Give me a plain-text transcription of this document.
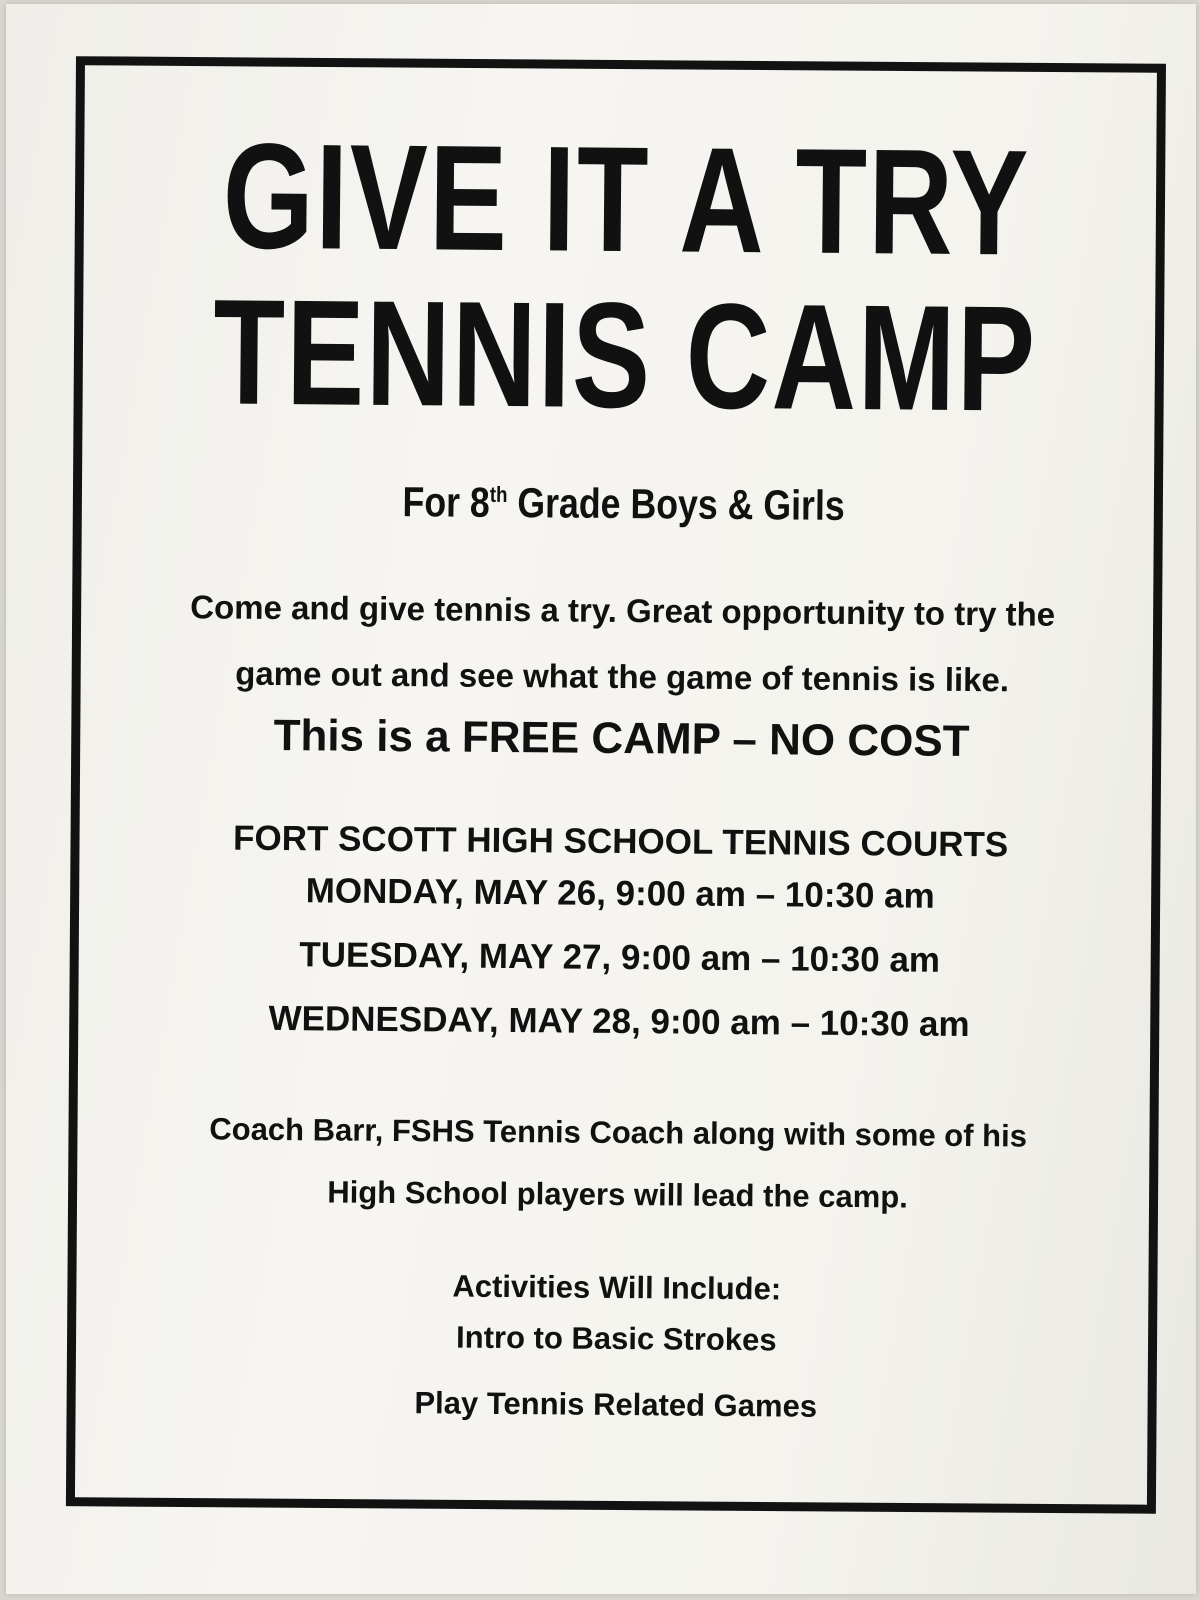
GIVE IT A TRY
TENNIS CAMP
For 8th Grade Boys & Girls
Come and give tennis a try. Great opportunity to try the
game out and see what the game of tennis is like.
This is a FREE CAMP – NO COST
FORT SCOTT HIGH SCHOOL TENNIS COURTS
MONDAY, MAY 26, 9:00 am – 10:30 am
TUESDAY, MAY 27, 9:00 am – 10:30 am
WEDNESDAY, MAY 28, 9:00 am – 10:30 am
Coach Barr, FSHS Tennis Coach along with some of his
High School players will lead the camp.
Activities Will Include:
Intro to Basic Strokes
Play Tennis Related Games
